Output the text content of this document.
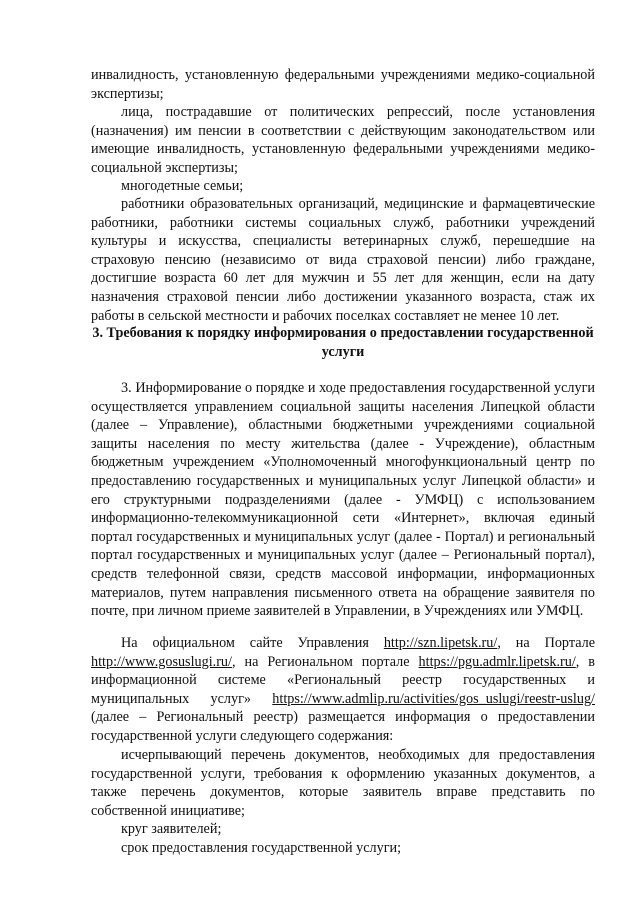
инвалидность, установленную федеральными учреждениями медико-социальной экспертизы;

лица, пострадавшие от политических репрессий, после установления (назначения) им пенсии в соответствии с действующим законодательством или имеющие инвалидность, установленную федеральными учреждениями медико-социальной экспертизы;

многодетные семьи;

работники образовательных организаций, медицинские и фармацевтические работники, работники системы социальных служб, работники учреждений культуры и искусства, специалисты ветеринарных служб, перешедшие на страховую пенсию (независимо от вида страховой пенсии) либо граждане, достигшие возраста 60 лет для мужчин и 55 лет для женщин, если на дату назначения страховой пенсии либо достижении указанного возраста, стаж их работы в сельской местности и рабочих поселках составляет не менее 10 лет.

3. Требования к порядку информирования о предоставлении государственной услуги

3. Информирование о порядке и ходе предоставления государственной услуги осуществляется управлением социальной защиты населения Липецкой области (далее – Управление), областными бюджетными учреждениями социальной защиты населения по месту жительства (далее - Учреждение), областным бюджетным учреждением «Уполномоченный многофункциональный центр по предоставлению государственных и муниципальных услуг Липецкой области» и его структурными подразделениями (далее - УМФЦ) с использованием информационно-телекоммуникационной сети «Интернет», включая единый портал государственных и муниципальных услуг (далее - Портал) и региональный портал государственных и муниципальных услуг (далее – Региональный портал), средств телефонной связи, средств массовой информации, информационных материалов, путем направления письменного ответа на обращение заявителя по почте, при личном приеме заявителей в Управлении, в Учреждениях или УМФЦ.

На официальном сайте Управления http://szn.lipetsk.ru/, на Портале http://www.gosuslugi.ru/, на Региональном портале https://pgu.admlr.lipetsk.ru/, в информационной системе «Региональный реестр государственных и муниципальных услуг» https://www.admlip.ru/activities/gos_uslugi/reestr-uslug/ (далее – Региональный реестр) размещается информация о предоставлении государственной услуги следующего содержания:

исчерпывающий перечень документов, необходимых для предоставления государственной услуги, требования к оформлению указанных документов, а также перечень документов, которые заявитель вправе представить по собственной инициативе;

круг заявителей;

срок предоставления государственной услуги;
